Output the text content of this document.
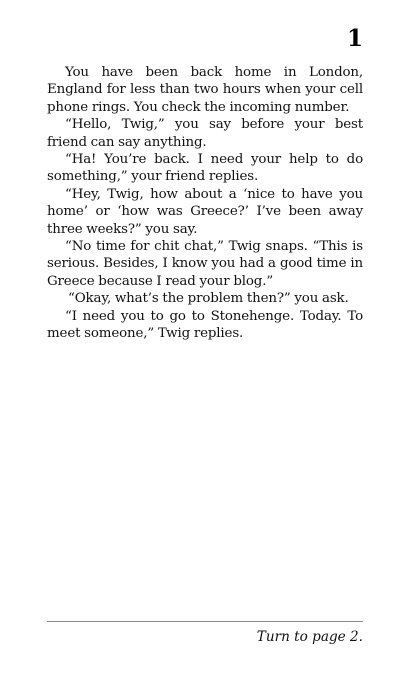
1

You have been back home in London, England for less than two hours when your cell phone rings. You check the incoming number.

“Hello, Twig,” you say before your best friend can say anything.

“Ha! You’re back. I need your help to do something,” your friend replies.

“Hey, Twig, how about a ‘nice to have you home’ or ‘how was Greece?’ I’ve been away three weeks?” you say.

“No time for chit chat,” Twig snaps. “This is serious. Besides, I know you had a good time in Greece because I read your blog.”

“Okay, what’s the problem then?” you ask.

“I need you to go to Stonehenge. Today. To meet someone,” Twig replies.

Turn to page 2.
